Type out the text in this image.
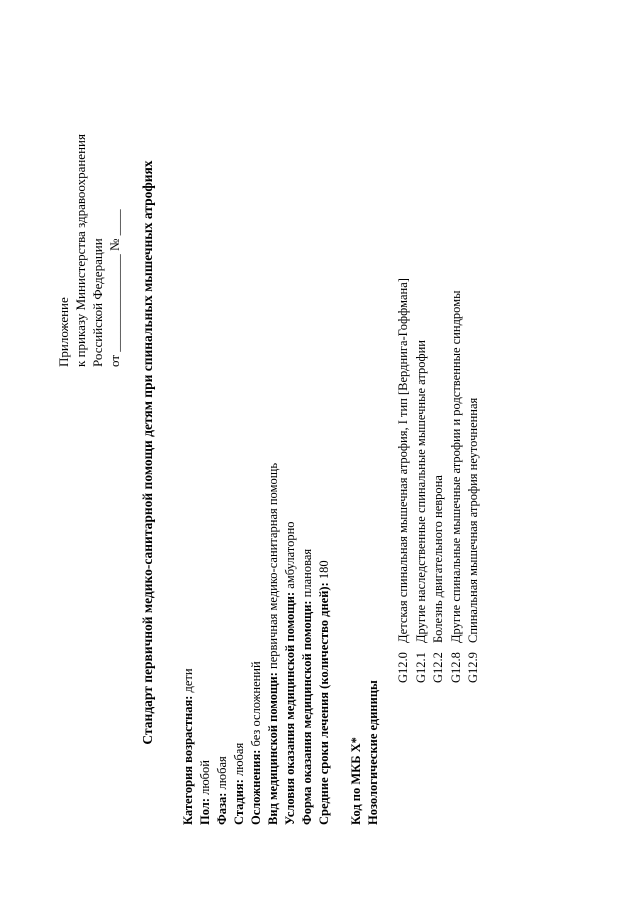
Приложение к приказу Министерства здравоохранения Российской Федерации от _______________ № ____ Стандарт первичной медико-санитарной помощи детям при спинальных мышечных атрофиях
Категория возрастная: дети
Пол: любой
Фаза: любая
Стадия: любая Осложнения: без осложнений Вид медицинской помощи: первичная медико-санитарная помощь
Условия оказания медицинской помощи: амбулаторно
Форма оказания медицинской помощи: плановая
Средние сроки лечения (количество дней): 180
Код по МКБ X* Нозологические единицы
G12.0
Детская спинальная мышечная атрофия, I тип [Верднига-Гоффмана]
G12.1
Другие наследственные спинальные мышечные атрофии
G12.2
Болезнь двигательного неврона
G12.8
Другие спинальные мышечные атрофии и родственные синдромы
G12.9
Спинальная мышечная атрофия неуточненная
